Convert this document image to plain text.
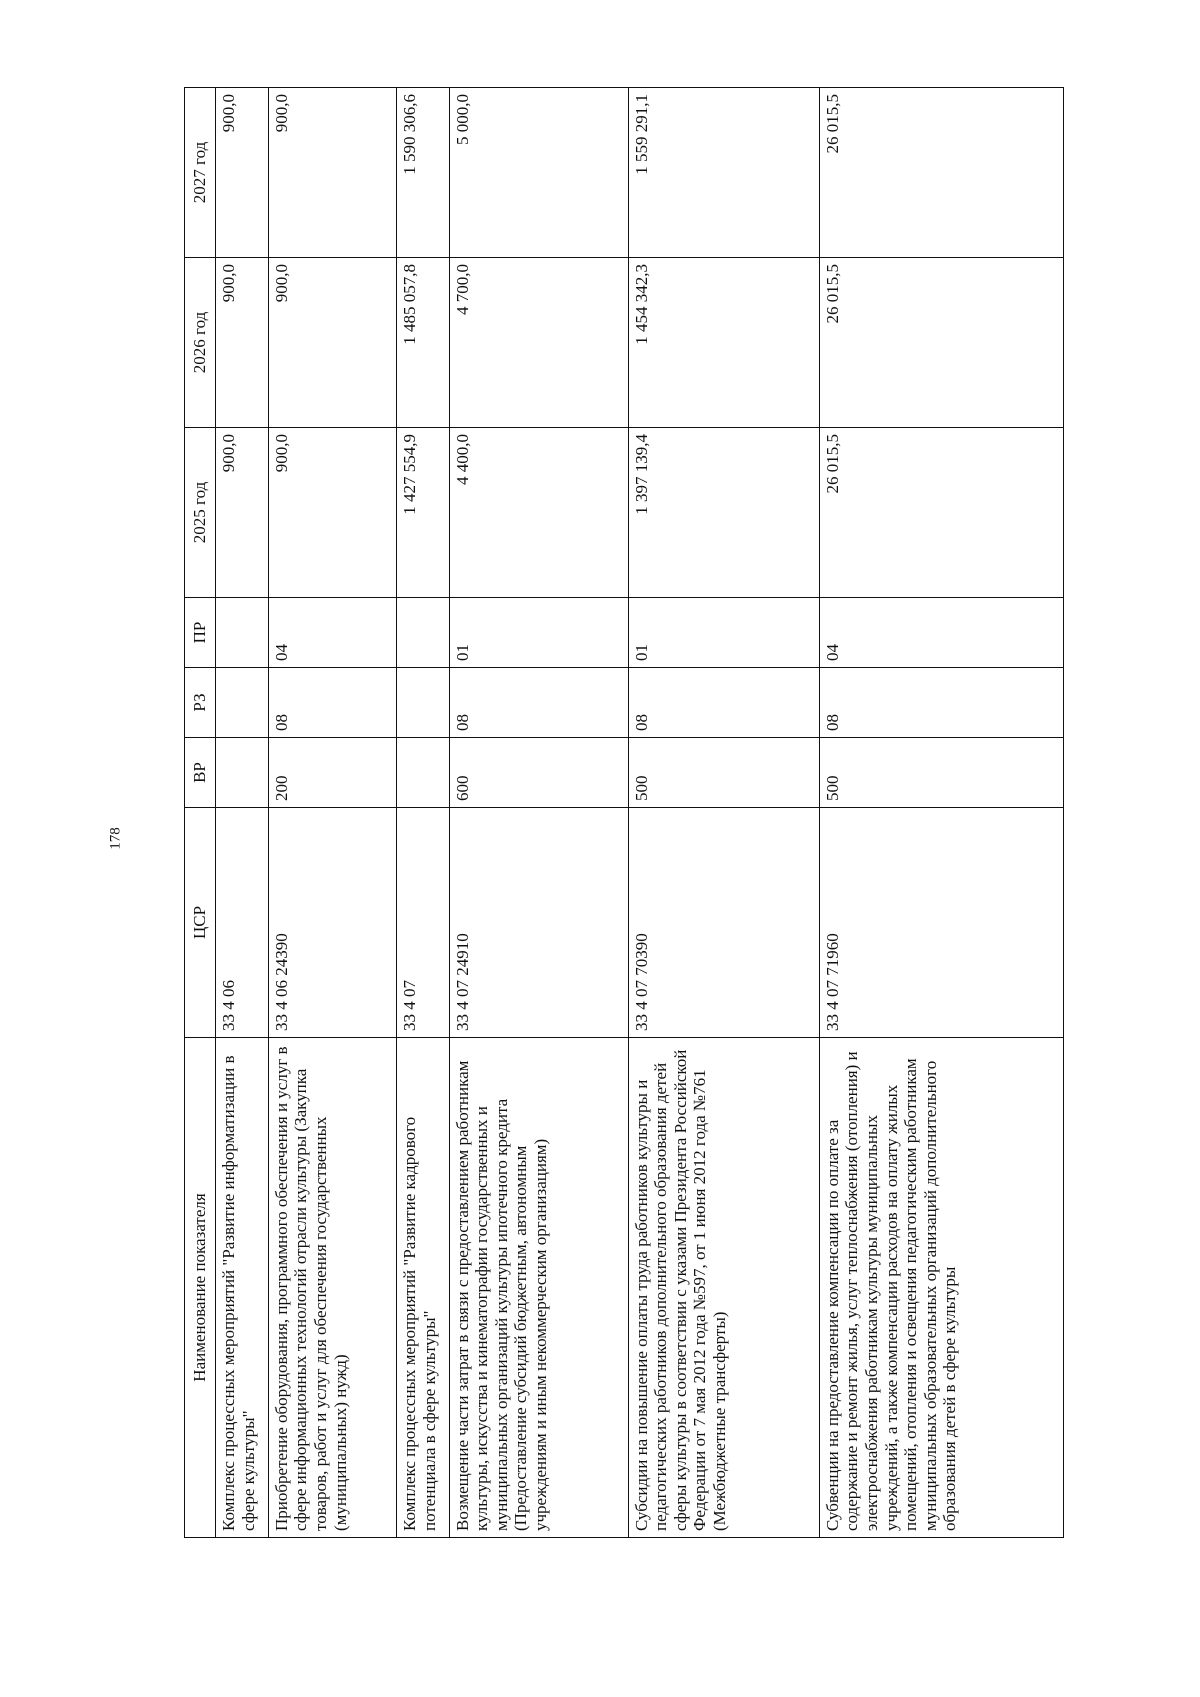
178
Наименование показателя	ЦСР	ВР	РЗ	ПР	2025 год	2026 год	2027 год
Комплекс процессных мероприятий "Развитие информатизации в сфере культуры"	33 4 06				900,0	900,0	900,0
Приобретение оборудования, программного обеспечения и услуг в сфере информационных технологий отрасли культуры (Закупка товаров, работ и услуг для обеспечения государственных (муниципальных) нужд)	33 4 06 24390	200	08	04	900,0	900,0	900,0
Комплекс процессных мероприятий "Развитие кадрового потенциала в сфере культуры"	33 4 07				1 427 554,9	1 485 057,8	1 590 306,6
Возмещение части затрат в связи с предоставлением работникам культуры, искусства и кинематографии государственных и муниципальных организаций культуры ипотечного кредита (Предоставление субсидий бюджетным, автономным учреждениям и иным некоммерческим организациям)	33 4 07 24910	600	08	01	4 400,0	4 700,0	5 000,0
Субсидии на повышение оплаты труда работников культуры и педагогических работников дополнительного образования детей сферы культуры в соответствии с указами Президента Российской Федерации от 7 мая 2012 года №597, от 1 июня 2012 года №761 (Межбюджетные трансферты)	33 4 07 70390	500	08	01	1 397 139,4	1 454 342,3	1 559 291,1
Субвенции на предоставление компенсации по оплате за содержание и ремонт жилья, услуг теплоснабжения (отопления) и электроснабжения работникам культуры муниципальных учреждений, а также компенсации расходов на оплату жилых помещений, отопления и освещения педагогическим работникам муниципальных образовательных организаций дополнительного образования детей в сфере культуры	33 4 07 71960	500	08	04	26 015,5	26 015,5	26 015,5
